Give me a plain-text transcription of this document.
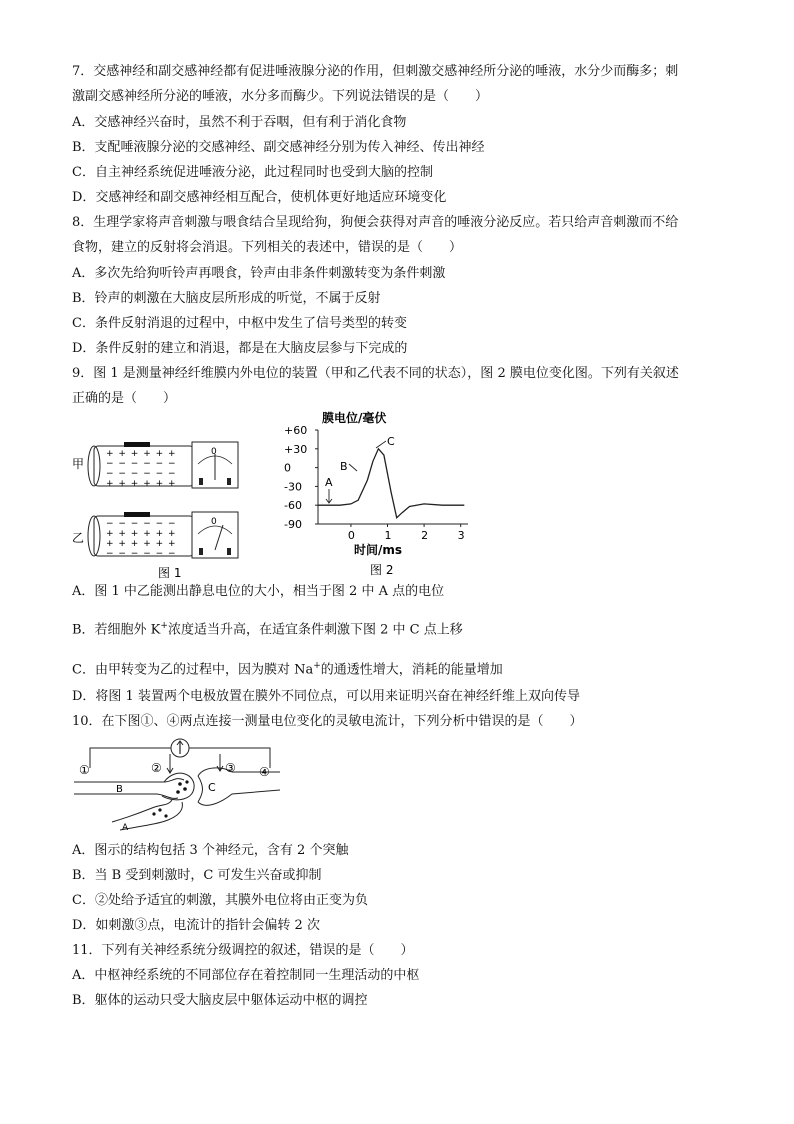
7．交感神经和副交感神经都有促进唾液腺分泌的作用，但刺激交感神经所分泌的唾液，水分少而酶多；刺
激副交感神经所分泌的唾液，水分多而酶少。下列说法错误的是（　　）
A．交感神经兴奋时，虽然不利于吞咽，但有利于消化食物
B．支配唾液腺分泌的交感神经、副交感神经分别为传入神经、传出神经
C．自主神经系统促进唾液分泌，此过程同时也受到大脑的控制
D．交感神经和副交感神经相互配合，使机体更好地适应环境变化
8．生理学家将声音刺激与喂食结合呈现给狗，狗便会获得对声音的唾液分泌反应。若只给声音刺激而不给
食物，建立的反射将会消退。下列相关的表述中，错误的是（　　）
A．多次先给狗听铃声再喂食，铃声由非条件刺激转变为条件刺激
B．铃声的刺激在大脑皮层所形成的听觉，不属于反射
C．条件反射消退的过程中，中枢中发生了信号类型的转变
D．条件反射的建立和消退，都是在大脑皮层参与下完成的
9．图 1 是测量神经纤维膜内外电位的装置（甲和乙代表不同的状态），图 2 膜电位变化图。下列有关叙述
正确的是（　　）
甲
+ + + + + +
− − − − − −
− − − − − −
+ + + + + +
0
乙
− − − − − −
+ + + + + +
+ + + + + +
− − − − − −
0
图 1
膜电位/毫伏
+60
+30
0
-30
-60
-90
0	1	2	3
A
B
C
时间/ms
图 2
A．图 1 中乙能测出静息电位的大小，相当于图 2 中 A 点的电位
B．若细胞外 K+浓度适当升高，在适宜条件刺激下图 2 中 C 点上移
C．由甲转变为乙的过程中，因为膜对 Na+的通透性增大，消耗的能量增加
D．将图 1 装置两个电极放置在膜外不同位点，可以用来证明兴奋在神经纤维上双向传导
10．在下图①、④两点连接一测量电位变化的灵敏电流计，下列分析中错误的是（　　）
①	②	③ ④
B	C
A
A．图示的结构包括 3 个神经元，含有 2 个突触
B．当 B 受到刺激时，C 可发生兴奋或抑制
C．②处给予适宜的刺激，其膜外电位将由正变为负
D．如刺激③点，电流计的指针会偏转 2 次
11．下列有关神经系统分级调控的叙述，错误的是（　　）
A．中枢神经系统的不同部位存在着控制同一生理活动的中枢
B．躯体的运动只受大脑皮层中躯体运动中枢的调控
